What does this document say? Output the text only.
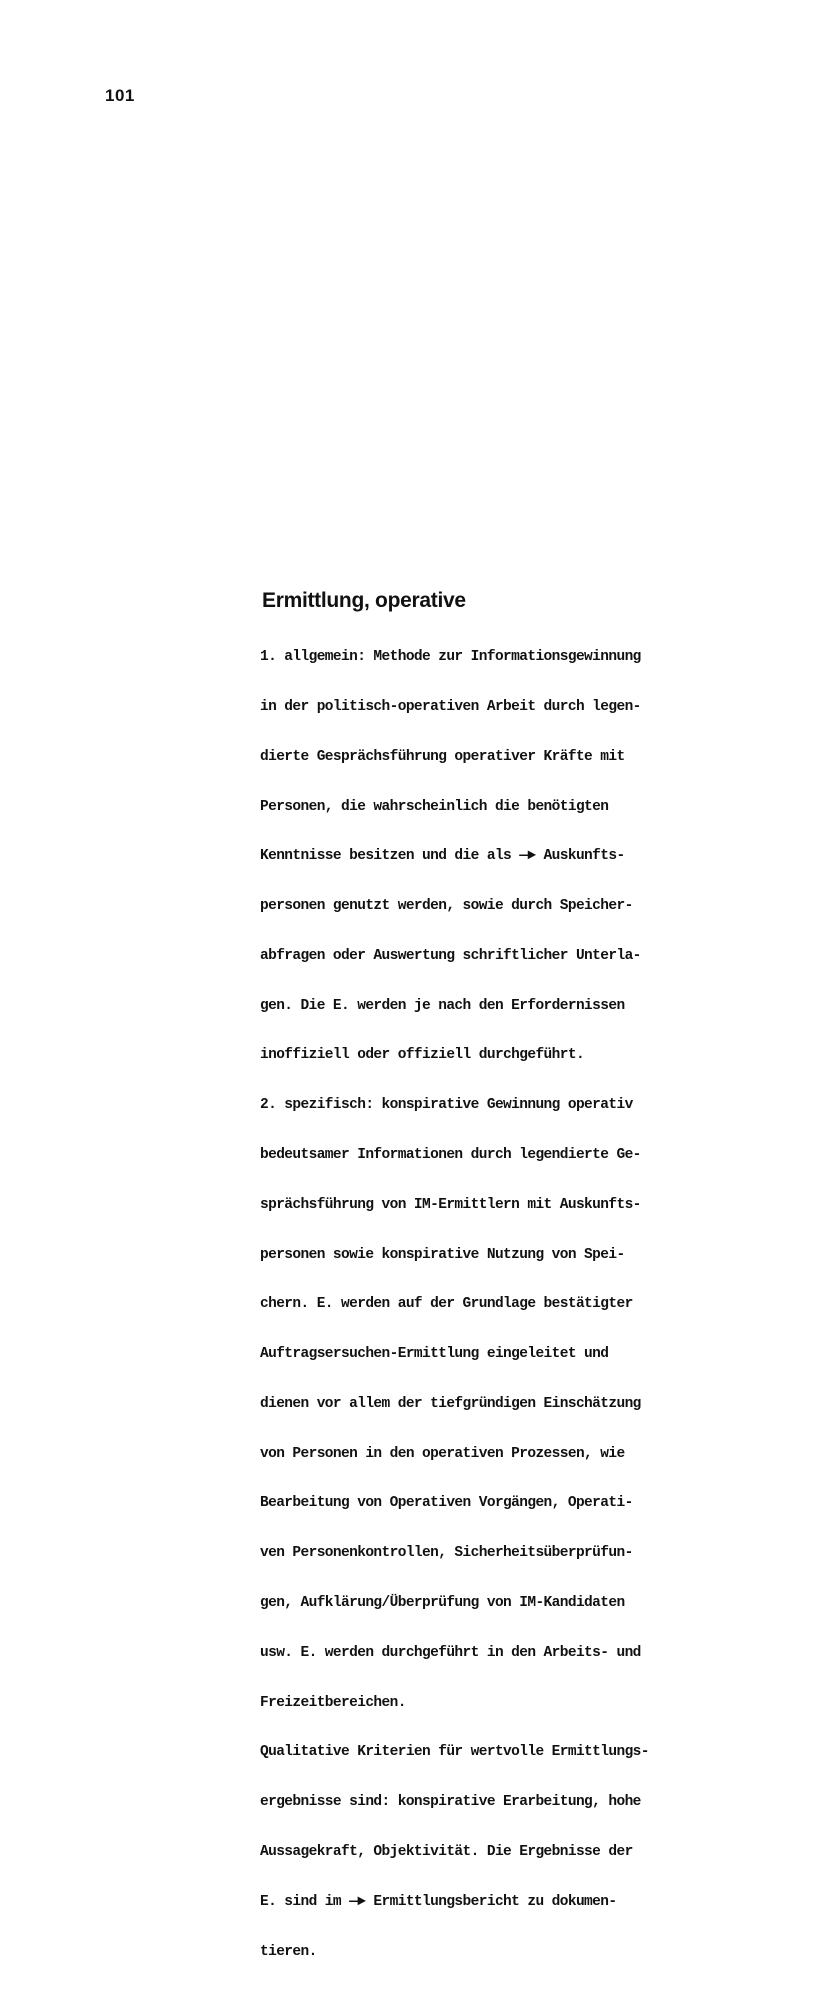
101
Ermittlung, operative

1. allgemein: Methode zur Informationsgewinnung

in der politisch-operativen Arbeit durch legen-

dierte Gesprächsführung operativer Kräfte mit

Personen, die wahrscheinlich die benötigten

Kenntnisse besitzen und die als —► Auskunfts-

personen genutzt werden, sowie durch Speicher-

abfragen oder Auswertung schriftlicher Unterla-

gen. Die E. werden je nach den Erfordernissen

inoffiziell oder offiziell durchgeführt.

2. spezifisch: konspirative Gewinnung operativ

bedeutsamer Informationen durch legendierte Ge-

sprächsführung von IM-Ermittlern mit Auskunfts-

personen sowie konspirative Nutzung von Spei-

chern. E. werden auf der Grundlage bestätigter

Auftragsersuchen-Ermittlung eingeleitet und

dienen vor allem der tiefgründigen Einschätzung

von Personen in den operativen Prozessen, wie

Bearbeitung von Operativen Vorgängen, Operati-

ven Personenkontrollen, Sicherheitsüberprüfun-

gen, Aufklärung/Überprüfung von IM-Kandidaten

usw. E. werden durchgeführt in den Arbeits- und

Freizeitbereichen.

Qualitative Kriterien für wertvolle Ermittlungs-

ergebnisse sind: konspirative Erarbeitung, hohe

Aussagekraft, Objektivität. Die Ergebnisse der

E. sind im —► Ermittlungsbericht zu dokumen-

tieren.
